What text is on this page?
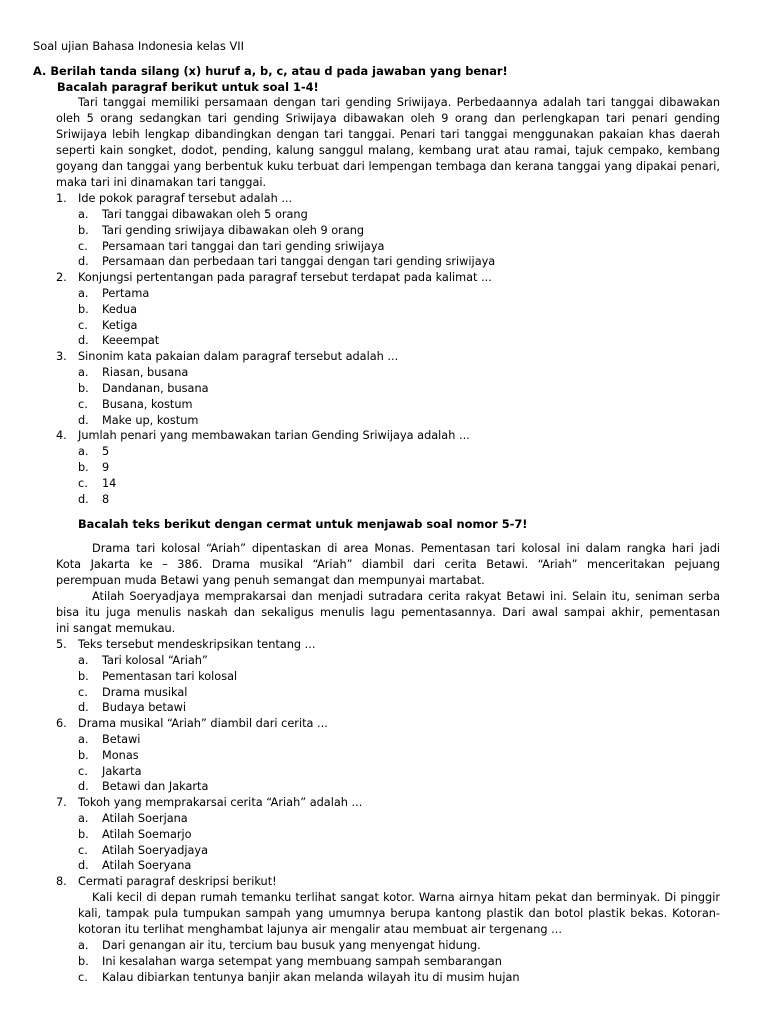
Soal ujian Bahasa Indonesia kelas VII
A. Berilah tanda silang (x) huruf a, b, c, atau d pada jawaban yang benar!
Bacalah paragraf berikut untuk soal 1-4!
Tari tanggai memiliki persamaan dengan tari gending Sriwijaya. Perbedaannya adalah tari tanggai dibawakan
oleh 5 orang sedangkan tari gending Sriwijaya dibawakan oleh 9 orang dan perlengkapan tari penari gending
Sriwijaya lebih lengkap dibandingkan dengan tari tanggai. Penari tari tanggai menggunakan pakaian khas daerah
seperti kain songket, dodot, pending, kalung sanggul malang, kembang urat atau ramai, tajuk cempako, kembang
goyang dan tanggai yang berbentuk kuku terbuat dari lempengan tembaga dan kerana tanggai yang dipakai penari,
maka tari ini dinamakan tari tanggai.
1. Ide pokok paragraf tersebut adalah ...
a. Tari tanggai dibawakan oleh 5 orang
b. Tari gending sriwijaya dibawakan oleh 9 orang
c. Persamaan tari tanggai dan tari gending sriwijaya
d. Persamaan dan perbedaan tari tanggai dengan tari gending sriwijaya
2. Konjungsi pertentangan pada paragraf tersebut terdapat pada kalimat ...
a. Pertama
b. Kedua
c. Ketiga
d. Keeempat
3. Sinonim kata pakaian dalam paragraf tersebut adalah ...
a. Riasan, busana
b. Dandanan, busana
c. Busana, kostum
d. Make up, kostum
4. Jumlah penari yang membawakan tarian Gending Sriwijaya adalah ...
a. 5
b. 9
c. 14
d. 8
Bacalah teks berikut dengan cermat untuk menjawab soal nomor 5-7!
Drama tari kolosal “Ariah” dipentaskan di area Monas. Pementasan tari kolosal ini dalam rangka hari jadi
Kota Jakarta ke – 386. Drama musikal “Ariah” diambil dari cerita Betawi. “Ariah” menceritakan pejuang
perempuan muda Betawi yang penuh semangat dan mempunyai martabat.
Atilah Soeryadjaya memprakarsai dan menjadi sutradara cerita rakyat Betawi ini. Selain itu, seniman serba
bisa itu juga menulis naskah dan sekaligus menulis lagu pementasannya. Dari awal sampai akhir, pementasan
ini sangat memukau.
5. Teks tersebut mendeskripsikan tentang ...
a. Tari kolosal “Ariah”
b. Pementasan tari kolosal
c. Drama musikal
d. Budaya betawi
6. Drama musikal “Ariah” diambil dari cerita ...
a. Betawi
b. Monas
c. Jakarta
d. Betawi dan Jakarta
7. Tokoh yang memprakarsai cerita “Ariah” adalah ...
a. Atilah Soerjana
b. Atilah Soemarjo
c. Atilah Soeryadjaya
d. Atilah Soeryana
8. Cermati paragraf deskripsi berikut!
Kali kecil di depan rumah temanku terlihat sangat kotor. Warna airnya hitam pekat dan berminyak. Di pinggir
kali, tampak pula tumpukan sampah yang umumnya berupa kantong plastik dan botol plastik bekas. Kotoran-
kotoran itu terlihat menghambat lajunya air mengalir atau membuat air tergenang ...
a. Dari genangan air itu, tercium bau busuk yang menyengat hidung.
b. Ini kesalahan warga setempat yang membuang sampah sembarangan
c. Kalau dibiarkan tentunya banjir akan melanda wilayah itu di musim hujan
